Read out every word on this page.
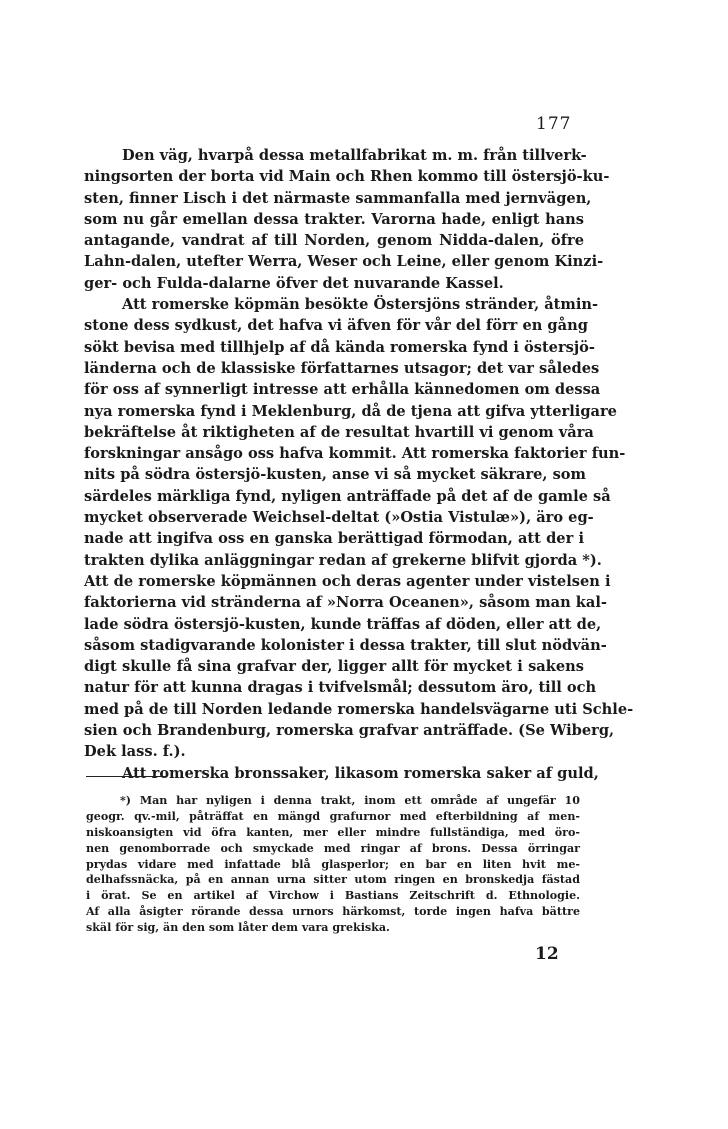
177
Den väg, hvarpå dessa metallfabrikat m. m. från tillverk-
ningsorten der borta vid Main och Rhen kommo till östersjö-ku-
sten, finner Lisch i det närmaste sammanfalla med jernvägen,
som nu går emellan dessa trakter. Varorna hade, enligt hans
antagande, vandrat af till Norden, genom Nidda-dalen, öfre
Lahn-dalen, utefter Werra, Weser och Leine, eller genom Kinzi-
ger- och Fulda-dalarne öfver det nuvarande Kassel.
Att romerske köpmän besökte Östersjöns stränder, åtmin-
stone dess sydkust, det hafva vi äfven för vår del förr en gång
sökt bevisa med tillhjelp af då kända romerska fynd i östersjö-
länderna och de klassiske författarnes utsagor; det var således
för oss af synnerligt intresse att erhålla kännedomen om dessa
nya romerska fynd i Meklenburg, då de tjena att gifva ytterligare
bekräftelse åt riktigheten af de resultat hvartill vi genom våra
forskningar ansågo oss hafva kommit. Att romerska faktorier fun-
nits på södra östersjö-kusten, anse vi så mycket säkrare, som
särdeles märkliga fynd, nyligen anträffade på det af de gamle så
mycket observerade Weichsel-deltat (»Ostia Vistulæ»), äro eg-
nade att ingifva oss en ganska berättigad förmodan, att der i
trakten dylika anläggningar redan af grekerne blifvit gjorda *).
Att de romerske köpmännen och deras agenter under vistelsen i
faktorierna vid stränderna af »Norra Oceanen», såsom man kal-
lade södra östersjö-kusten, kunde träffas af döden, eller att de,
såsom stadigvarande kolonister i dessa trakter, till slut nödvän-
digt skulle få sina grafvar der, ligger allt för mycket i sakens
natur för att kunna dragas i tvifvelsmål; dessutom äro, till och
med på de till Norden ledande romerska handelsvägarne uti Schle-
sien och Brandenburg, romerska grafvar anträffade. (Se Wiberg,
Dek lass. f.).
Att romerska bronssaker, likasom romerska saker af guld,
*) Man har nyligen i denna trakt, inom ett område af ungefär 10
geogr. qv.-mil, påträffat en mängd grafurnor med efterbildning af men-
niskoansigten vid öfra kanten, mer eller mindre fullständiga, med öro-
nen genomborrade och smyckade med ringar af brons. Dessa örringar
prydas vidare med infattade blå glasperlor; en bar en liten hvit me-
delhafssnäcka, på en annan urna sitter utom ringen en bronskedja fästad
i örat. Se en artikel af Virchow i Bastians Zeitschrift d. Ethnologie.
Af alla åsigter rörande dessa urnors härkomst, torde ingen hafva bättre
skäl för sig, än den som låter dem vara grekiska.
12
